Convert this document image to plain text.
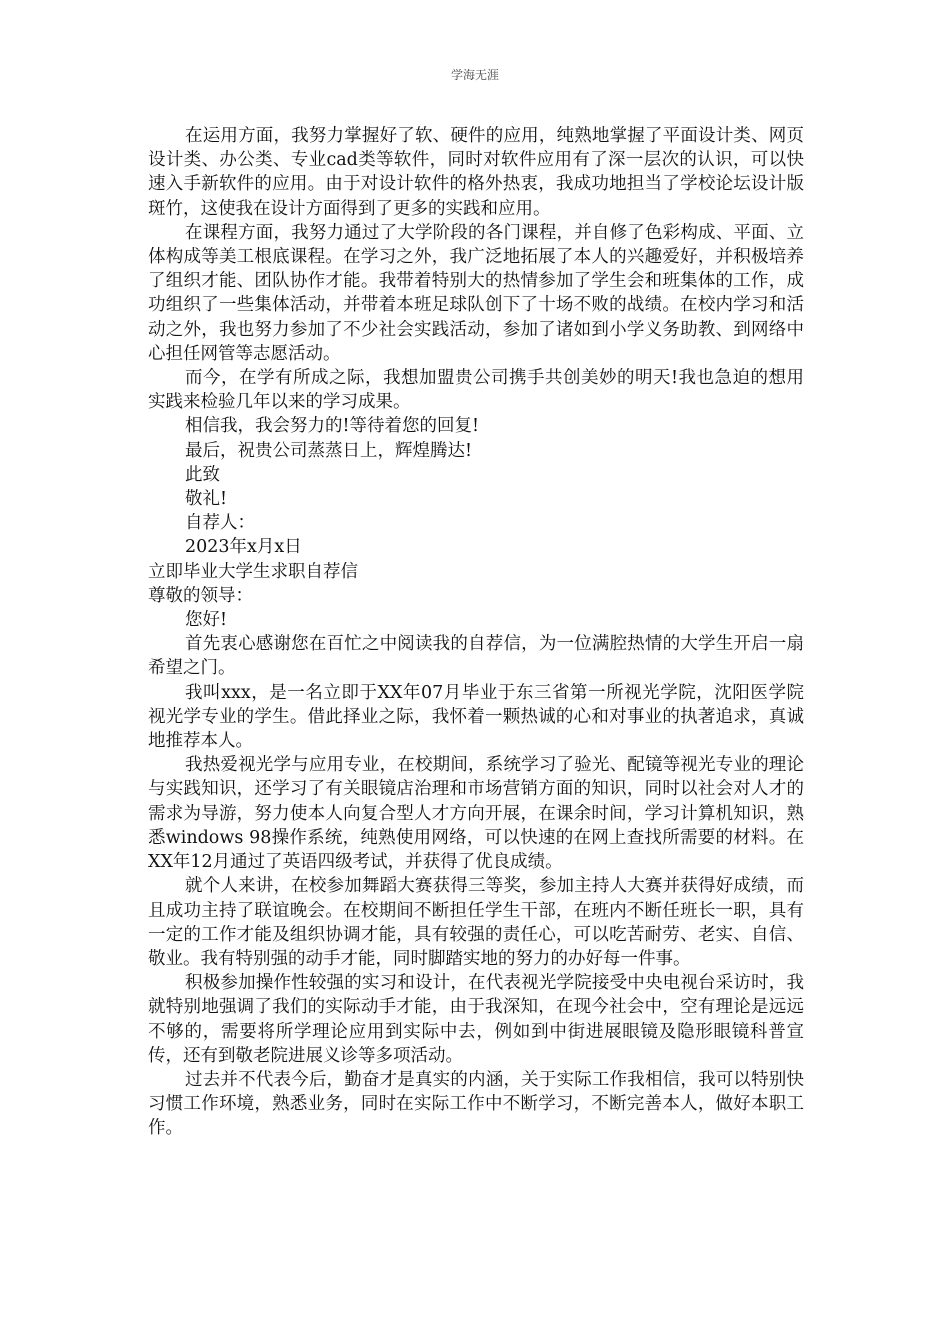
学海无涯

在运用方面，我努力掌握好了软、硬件的应用，纯熟地掌握了平面设计类、网页设计类、办公类、专业cad类等软件，同时对软件应用有了深一层次的认识，可以快速入手新软件的应用。由于对设计软件的格外热衷，我成功地担当了学校论坛设计版斑竹，这使我在设计方面得到了更多的实践和应用。

在课程方面，我努力通过了大学阶段的各门课程，并自修了色彩构成、平面、立体构成等美工根底课程。在学习之外，我广泛地拓展了本人的兴趣爱好，并积极培养了组织才能、团队协作才能。我带着特别大的热情参加了学生会和班集体的工作，成功组织了一些集体活动，并带着本班足球队创下了十场不败的战绩。在校内学习和活动之外，我也努力参加了不少社会实践活动，参加了诸如到小学义务助教、到网络中心担任网管等志愿活动。

而今，在学有所成之际，我想加盟贵公司携手共创美妙的明天!我也急迫的想用实践来检验几年以来的学习成果。

相信我，我会努力的!等待着您的回复!

最后，祝贵公司蒸蒸日上，辉煌腾达!

此致

敬礼!

自荐人：

2023年x月x日

立即毕业大学生求职自荐信

尊敬的领导：

您好!

首先衷心感谢您在百忙之中阅读我的自荐信，为一位满腔热情的大学生开启一扇希望之门。

我叫xxx，是一名立即于XX年07月毕业于东三省第一所视光学院，沈阳医学院视光学专业的学生。借此择业之际，我怀着一颗热诚的心和对事业的执著追求，真诚地推荐本人。

我热爱视光学与应用专业，在校期间，系统学习了验光、配镜等视光专业的理论与实践知识，还学习了有关眼镜店治理和市场营销方面的知识，同时以社会对人才的需求为导游，努力使本人向复合型人才方向开展，在课余时间，学习计算机知识，熟悉windows 98操作系统，纯熟使用网络，可以快速的在网上查找所需要的材料。在XX年12月通过了英语四级考试，并获得了优良成绩。

就个人来讲，在校参加舞蹈大赛获得三等奖，参加主持人大赛并获得好成绩，而且成功主持了联谊晚会。在校期间不断担任学生干部，在班内不断任班长一职，具有一定的工作才能及组织协调才能，具有较强的责任心，可以吃苦耐劳、老实、自信、敬业。我有特别强的动手才能，同时脚踏实地的努力的办好每一件事。

积极参加操作性较强的实习和设计，在代表视光学院接受中央电视台采访时，我就特别地强调了我们的实际动手才能，由于我深知，在现今社会中，空有理论是远远不够的，需要将所学理论应用到实际中去，例如到中街进展眼镜及隐形眼镜科普宣传，还有到敬老院进展义诊等多项活动。

过去并不代表今后，勤奋才是真实的内涵，关于实际工作我相信，我可以特别快习惯工作环境，熟悉业务，同时在实际工作中不断学习，不断完善本人，做好本职工作。
